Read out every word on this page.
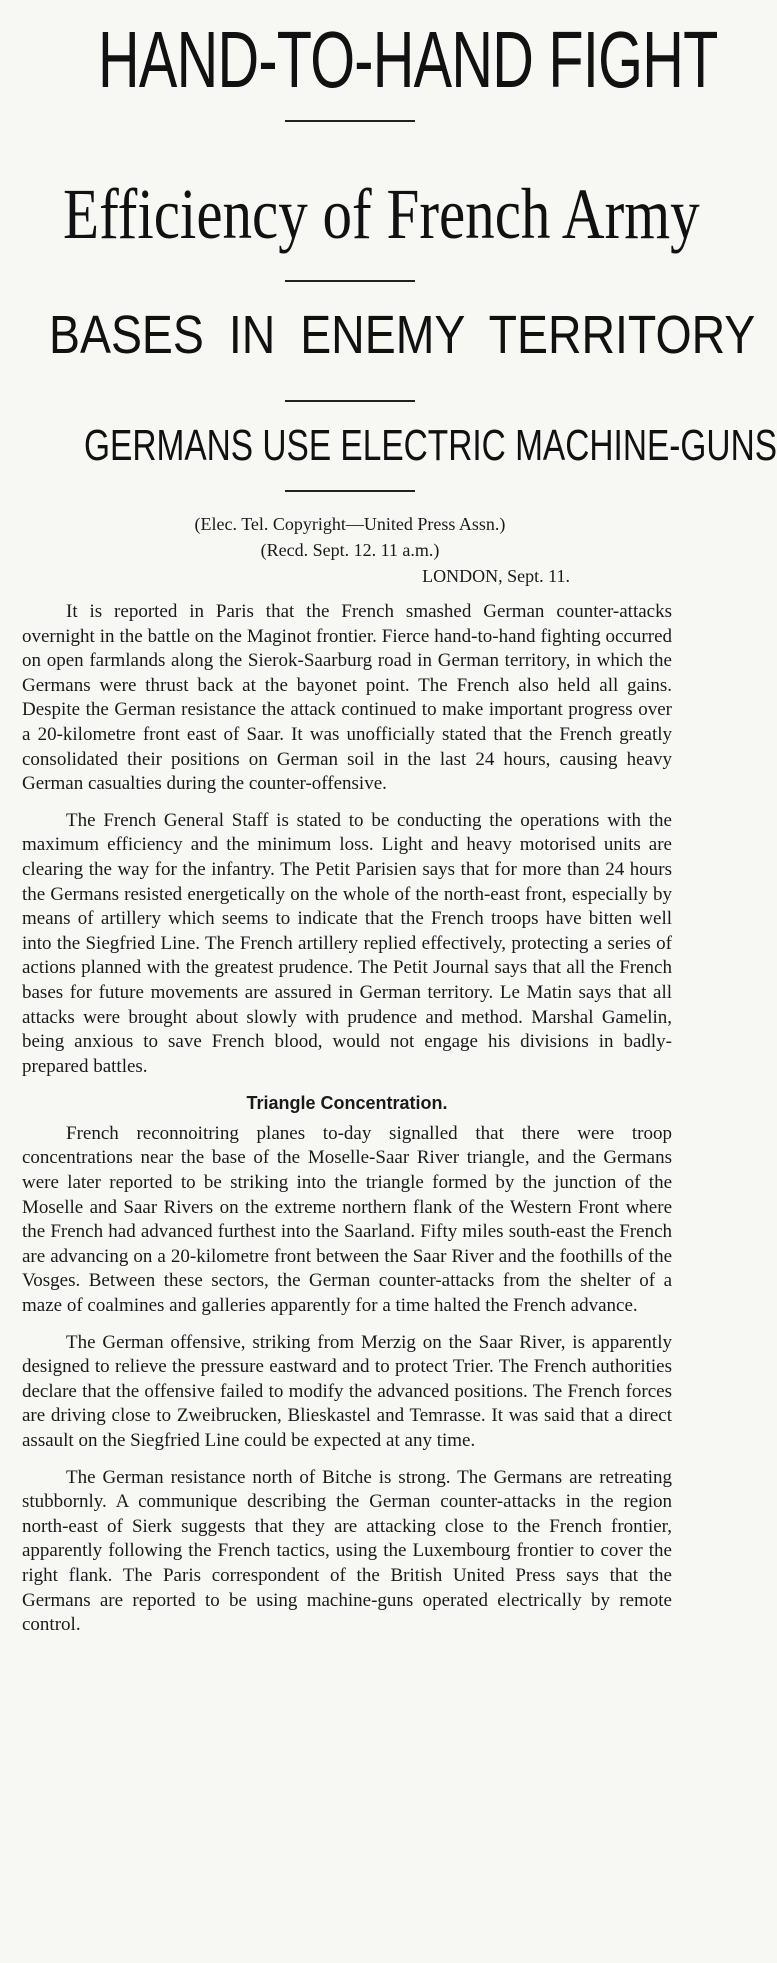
HAND-TO-HAND FIGHT
Efficiency of French Army
BASES IN ENEMY TERRITORY
GERMANS USE ELECTRIC MACHINE-GUNS

(Elec. Tel. Copyright—United Press Assn.)

(Recd. Sept. 12. 11 a.m.)

LONDON, Sept. 11.

It is reported in Paris that the French smashed German counter-attacks overnight in the battle on the Maginot frontier. Fierce hand-to-hand fighting occurred on open farmlands along the Sierok-Saarburg road in German territory, in which the Germans were thrust back at the bayonet point. The French also held all gains. Despite the German resistance the attack continued to make important progress over a 20-kilometre front east of Saar. It was unofficially stated that the French greatly consolidated their positions on German soil in the last 24 hours, causing heavy German casualties during the counter-offensive.

The French General Staff is stated to be conducting the operations with the maximum efficiency and the minimum loss. Light and heavy motorised units are clearing the way for the infantry. The Petit Parisien says that for more than 24 hours the Germans resisted energetically on the whole of the north-east front, especially by means of artillery which seems to indicate that the French troops have bitten well into the Siegfried Line. The French artillery replied effectively, protecting a series of actions planned with the greatest prudence. The Petit Journal says that all the French bases for future movements are assured in German territory. Le Matin says that all attacks were brought about slowly with prudence and method. Marshal Gamelin, being anxious to save French blood, would not engage his divisions in badly-prepared battles.

Triangle Concentration.

French reconnoitring planes to-day signalled that there were troop concentrations near the base of the Moselle-Saar River triangle, and the Germans were later reported to be striking into the triangle formed by the junction of the Moselle and Saar Rivers on the extreme northern flank of the Western Front where the French had advanced furthest into the Saarland. Fifty miles south-east the French are advancing on a 20-kilometre front between the Saar River and the foothills of the Vosges. Between these sectors, the German counter-attacks from the shelter of a maze of coalmines and galleries apparently for a time halted the French advance.

The German offensive, striking from Merzig on the Saar River, is apparently designed to relieve the pressure eastward and to protect Trier. The French authorities declare that the offensive failed to modify the advanced positions. The French forces are driving close to Zweibrucken, Blieskastel and Temrasse. It was said that a direct assault on the Siegfried Line could be expected at any time.

The German resistance north of Bitche is strong. The Germans are retreating stubbornly. A communique describing the German counter-attacks in the region north-east of Sierk suggests that they are attacking close to the French frontier, apparently following the French tactics, using the Luxembourg frontier to cover the right flank. The Paris correspondent of the British United Press says that the Germans are reported to be using machine-guns operated electrically by remote control.
